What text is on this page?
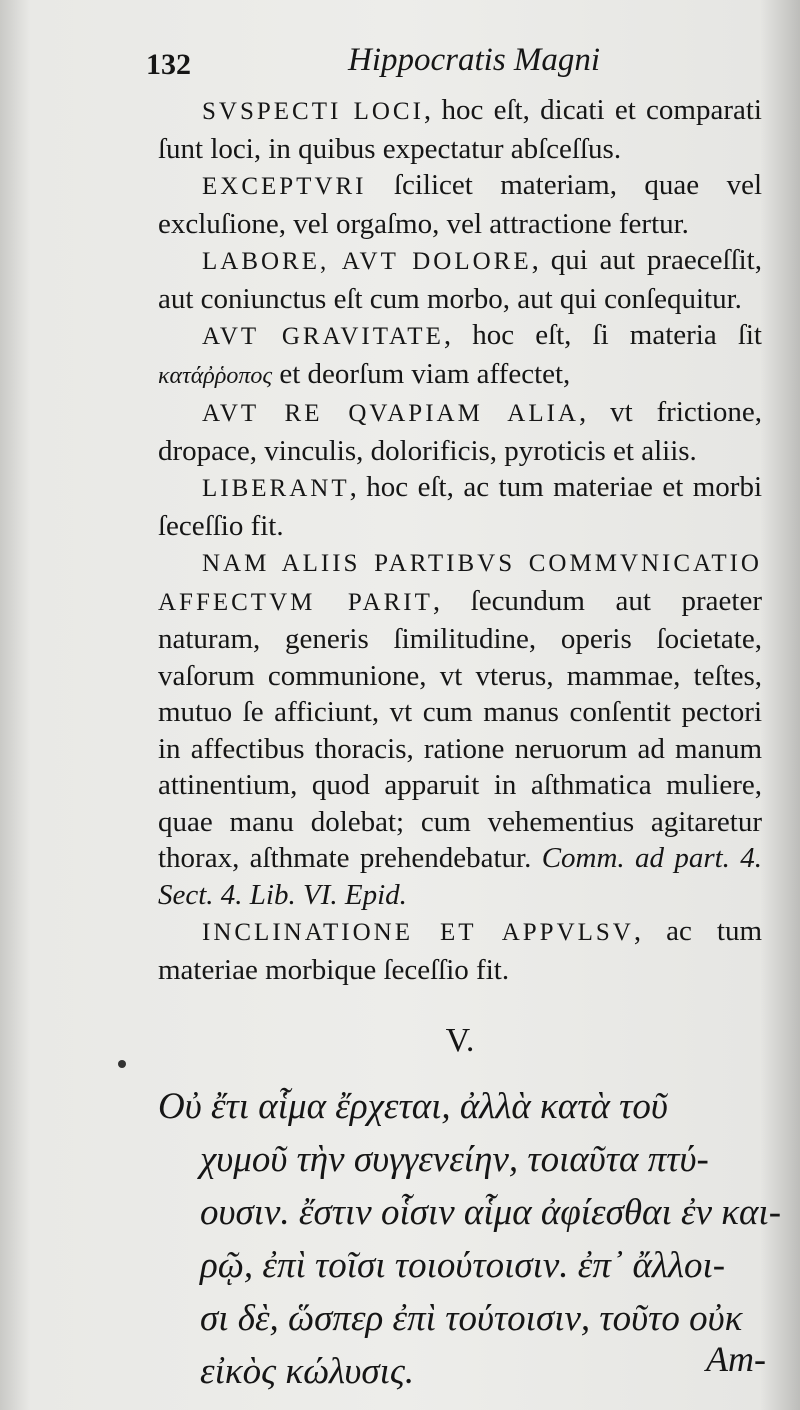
132	Hippocratis Magni

SVSPECTI LOCI, hoc eſt, dicati et comparati ſunt loci, in quibus expectatur abſceſſus.

EXCEPTVRI ſcilicet materiam, quae vel excluſione, vel orgaſmo, vel attractione fertur.

LABORE, AVT DOLORE, qui aut praeceſſit, aut coniunctus eſt cum morbo, aut qui conſequitur.

AVT GRAVITATE, hoc eſt, ſi materia ſit κατάῤῥοπος et deorſum viam affectet,

AVT RE QVAPIAM ALIA, vt frictione, dropace, vinculis, dolorificis, pyroticis et aliis.

LIBERANT, hoc eſt, ac tum materiae et morbi ſeceſſio fit.

NAM ALIIS PARTIBVS COMMVNICATIO AFFECTVM PARIT, ſecundum aut praeter naturam, generis ſimilitudine, operis ſocietate, vaſorum communione, vt vterus, mammae, teſtes, mutuo ſe afficiunt, vt cum manus conſentit pectori in affectibus thoracis, ratione neruorum ad manum attinentium, quod apparuit in aſthmatica muliere, quae manu dolebat; cum vehementius agitaretur thorax, aſthmate prehendebatur. Comm. ad part. 4. Sect. 4. Lib. VI. Epid.

INCLINATIONE ET APPVLSV, ac tum materiae morbique ſeceſſio fit.

V.
Οὐ ἔτι αἷμα ἔρχεται, ἀλλὰ κατὰ τοῦ
χυμοῦ τὴν συγγενείην, τοιαῦτα πτύ-
ουσιν. ἔστιν οἷσιν αἷμα ἀφίεσθαι ἐν και-
ρῷ, ἐπὶ τοῖσι τοιούτοισιν. ἐπ᾽ ἄλλοι-
σι δὲ, ὥσπερ ἐπὶ τούτοισιν, τοῦτο οὐκ
εἰκὸς κώλυσις.	Am-
